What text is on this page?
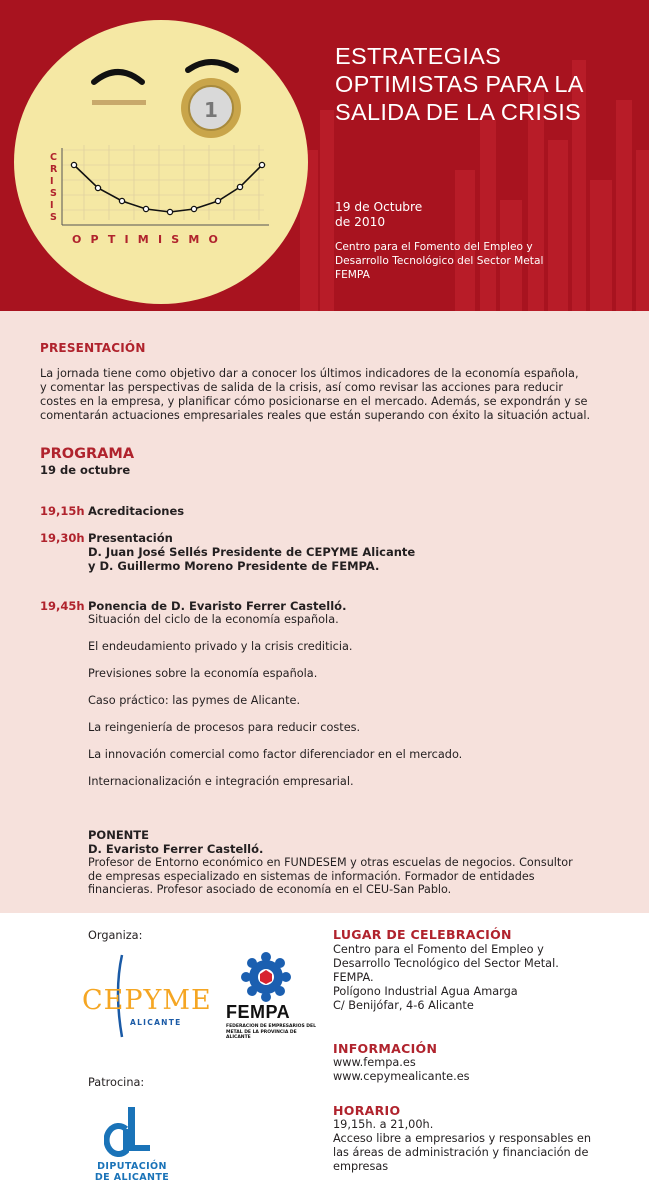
1
CRISIS
OPTIMISMO
ESTRATEGIAS
OPTIMISTAS PARA LA
SALIDA DE LA CRISIS
19 de Octubre
de 2010
Centro para el Fomento del Empleo y
Desarrollo Tecnológico del Sector Metal
FEMPA
PRESENTACIÓN
La jornada tiene como objetivo dar a conocer los últimos indicadores de la economía española,
y comentar las perspectivas de salida de la crisis, así como revisar las acciones para reducir
costes en la empresa, y planificar cómo posicionarse en el mercado. Además, se expondrán y se
comentarán actuaciones empresariales reales que están superando con éxito la situación actual.
PROGRAMA
19 de octubre
19,15h Acreditaciones
19,30h Presentación
D. Juan José Sellés Presidente de CEPYME Alicante
y D. Guillermo Moreno Presidente de FEMPA.
19,45h Ponencia de D. Evaristo Ferrer Castelló.
Situación del ciclo de la economía española.
El endeudamiento privado y la crisis crediticia.
Previsiones sobre la economía española.
Caso práctico: las pymes de Alicante.
La reingeniería de procesos para reducir costes.
La innovación comercial como factor diferenciador en el mercado.
Internacionalización e integración empresarial.
PONENTE
D. Evaristo Ferrer Castelló.
Profesor de Entorno económico en FUNDESEM y otras escuelas de negocios. Consultor
de empresas especializado en sistemas de información. Formador de entidades
financieras. Profesor asociado de economía en el CEU-San Pablo.
Organiza:
CEPYME
ALICANTE
FEMPA
FEDERACION DE EMPRESARIOS DEL METAL DE LA PROVINCIA DE ALICANTE
Patrocina:
DIPUTACIÓN
DE ALICANTE
LUGAR DE CELEBRACIÓN
Centro para el Fomento del Empleo y
Desarrollo Tecnológico del Sector Metal.
FEMPA.
Polígono Industrial Agua Amarga
C/ Benijófar, 4-6 Alicante
INFORMACIÓN
www.fempa.es
www.cepymealicante.es
HORARIO
19,15h. a 21,00h.
Acceso libre a empresarios y responsables en
las áreas de administración y financiación de
empresas
